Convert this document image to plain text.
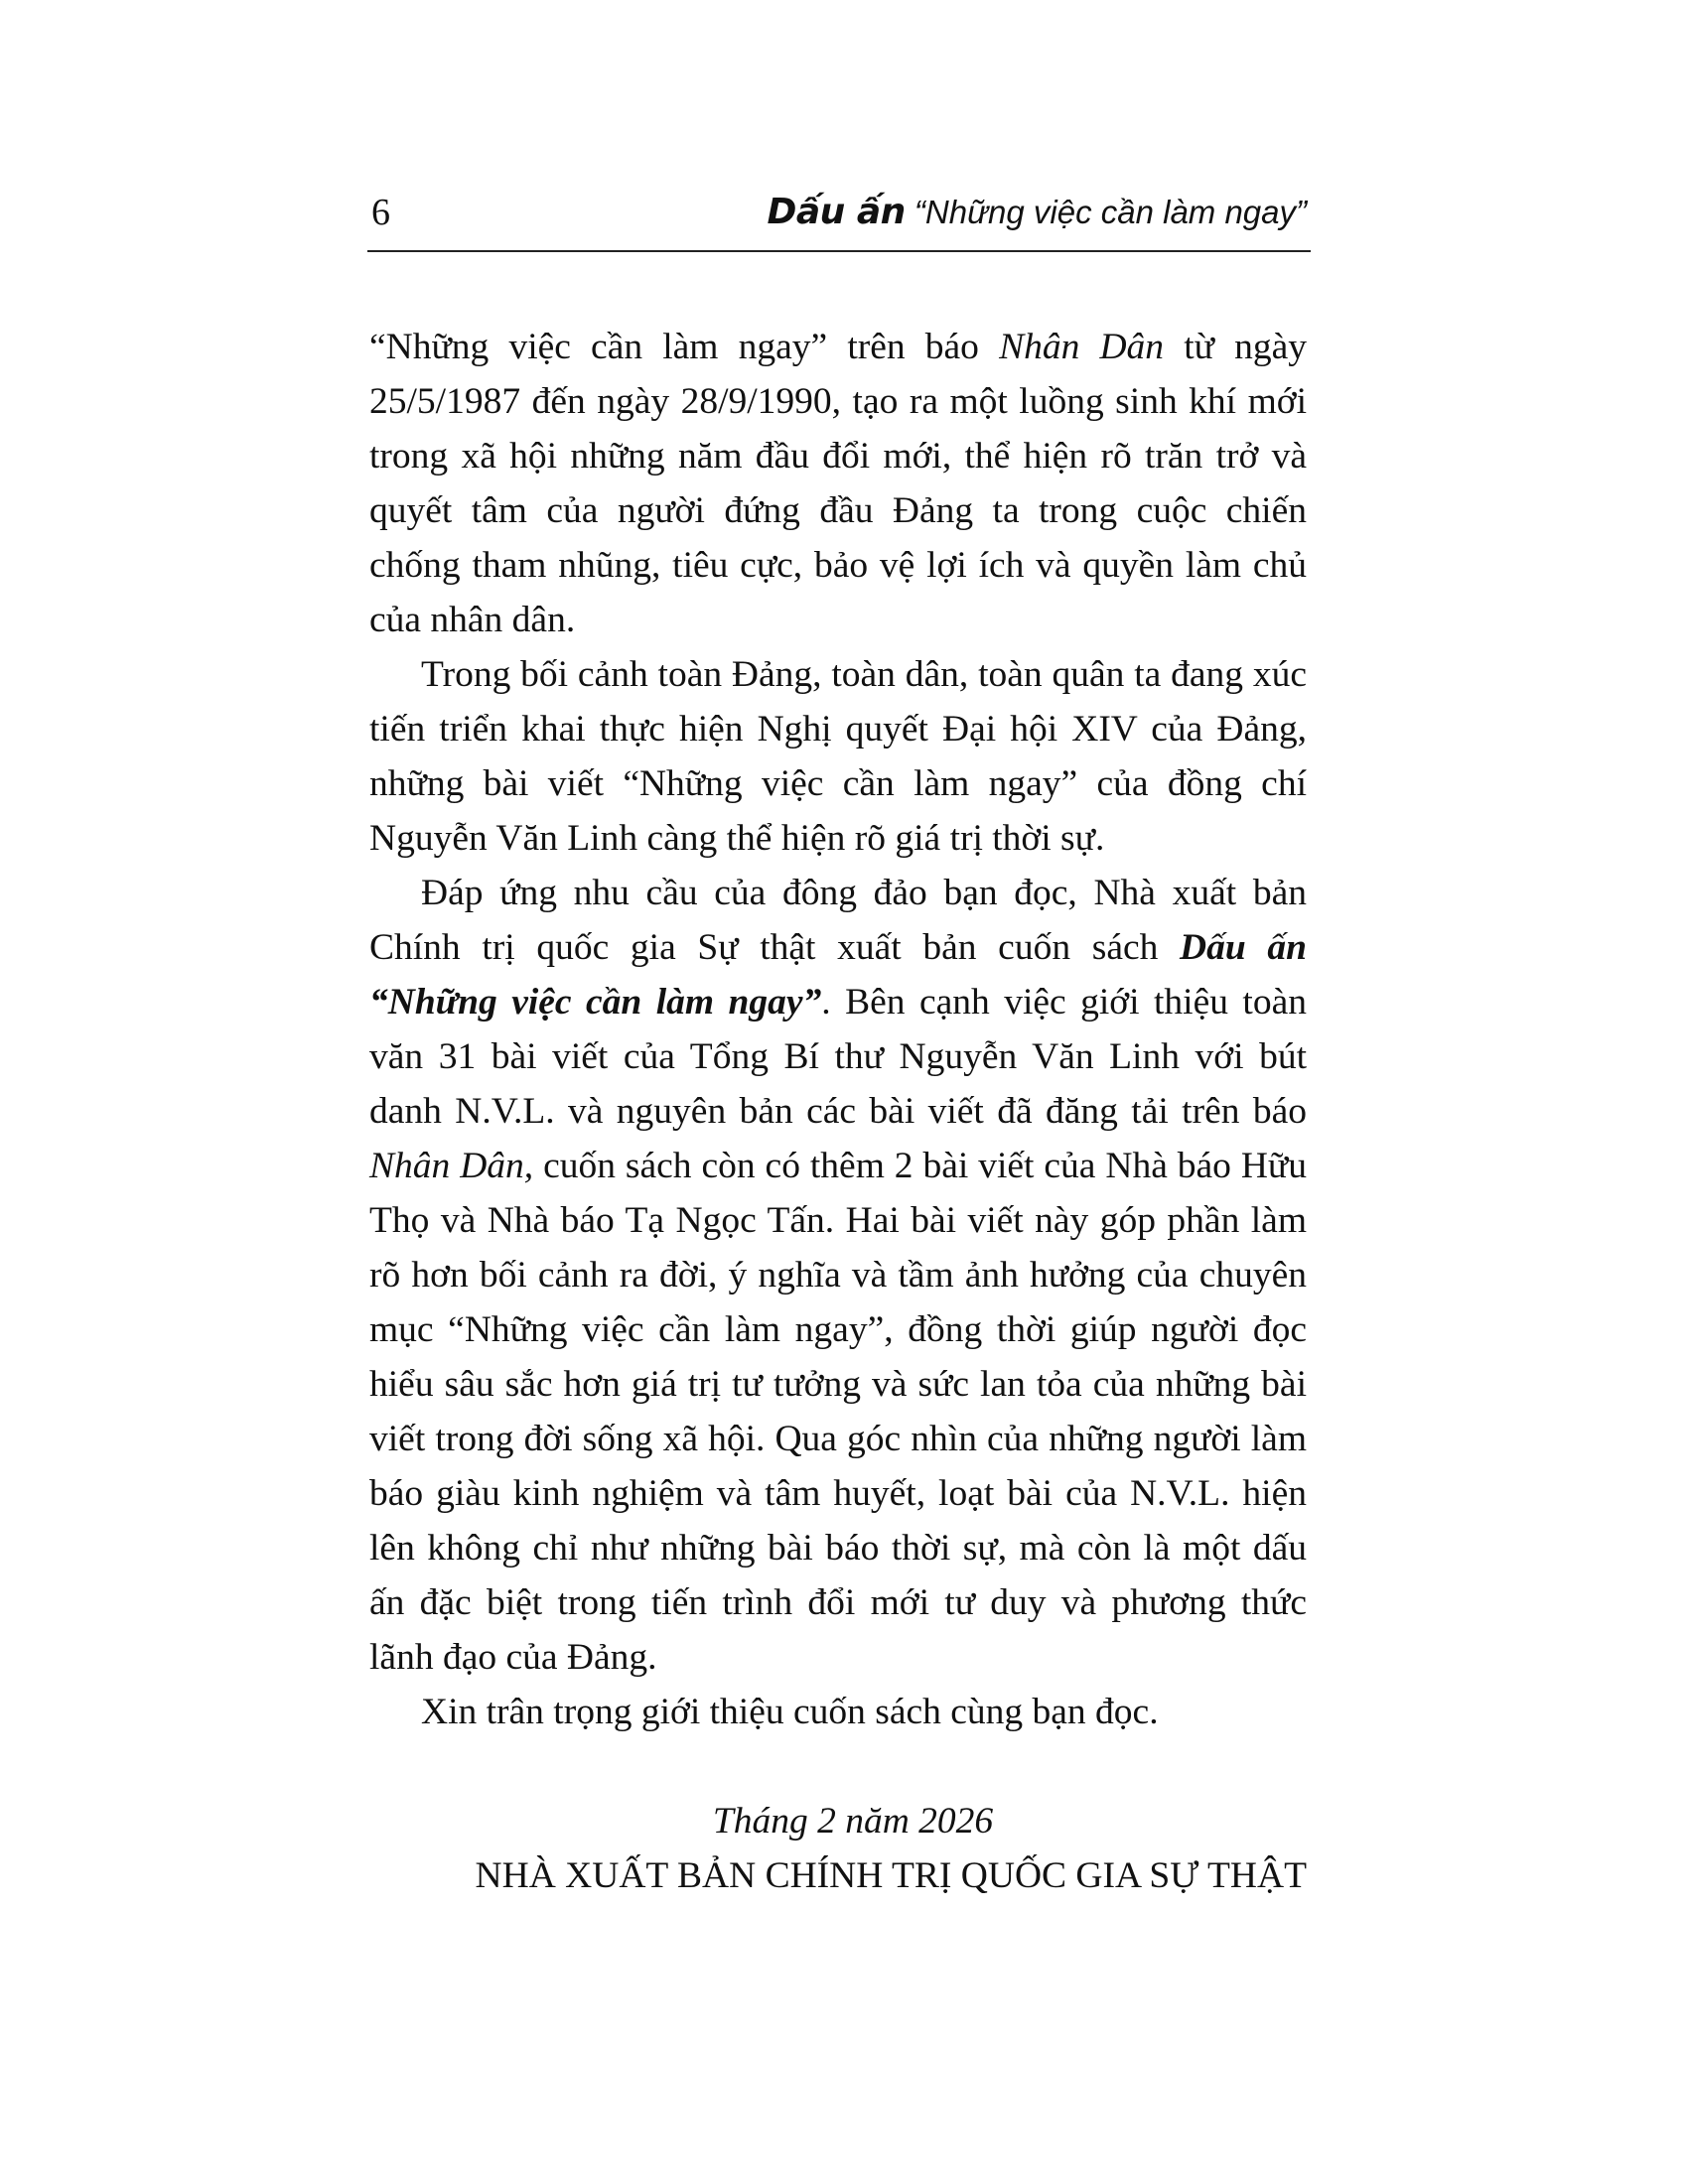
6	Dấu ấn “Những việc cần làm ngay”

“Những việc cần làm ngay” trên báo Nhân Dân từ ngày 25/5/1987 đến ngày 28/9/1990, tạo ra một luồng sinh khí mới trong xã hội những năm đầu đổi mới, thể hiện rõ trăn trở và quyết tâm của người đứng đầu Đảng ta trong cuộc chiến chống tham nhũng, tiêu cực, bảo vệ lợi ích và quyền làm chủ của nhân dân.

Trong bối cảnh toàn Đảng, toàn dân, toàn quân ta đang xúc tiến triển khai thực hiện Nghị quyết Đại hội XIV của Đảng, những bài viết “Những việc cần làm ngay” của đồng chí Nguyễn Văn Linh càng thể hiện rõ giá trị thời sự.

Đáp ứng nhu cầu của đông đảo bạn đọc, Nhà xuất bản Chính trị quốc gia Sự thật xuất bản cuốn sách Dấu ấn “Những việc cần làm ngay”. Bên cạnh việc giới thiệu toàn văn 31 bài viết của Tổng Bí thư Nguyễn Văn Linh với bút danh N.V.L. và nguyên bản các bài viết đã đăng tải trên báo Nhân Dân, cuốn sách còn có thêm 2 bài viết của Nhà báo Hữu Thọ và Nhà báo Tạ Ngọc Tấn. Hai bài viết này góp phần làm rõ hơn bối cảnh ra đời, ý nghĩa và tầm ảnh hưởng của chuyên mục “Những việc cần làm ngay”, đồng thời giúp người đọc hiểu sâu sắc hơn giá trị tư tưởng và sức lan tỏa của những bài viết trong đời sống xã hội. Qua góc nhìn của những người làm báo giàu kinh nghiệm và tâm huyết, loạt bài của N.V.L. hiện lên không chỉ như những bài báo thời sự, mà còn là một dấu ấn đặc biệt trong tiến trình đổi mới tư duy và phương thức lãnh đạo của Đảng.

Xin trân trọng giới thiệu cuốn sách cùng bạn đọc.

Tháng 2 năm 2026
NHÀ XUẤT BẢN CHÍNH TRỊ QUỐC GIA SỰ THẬT
